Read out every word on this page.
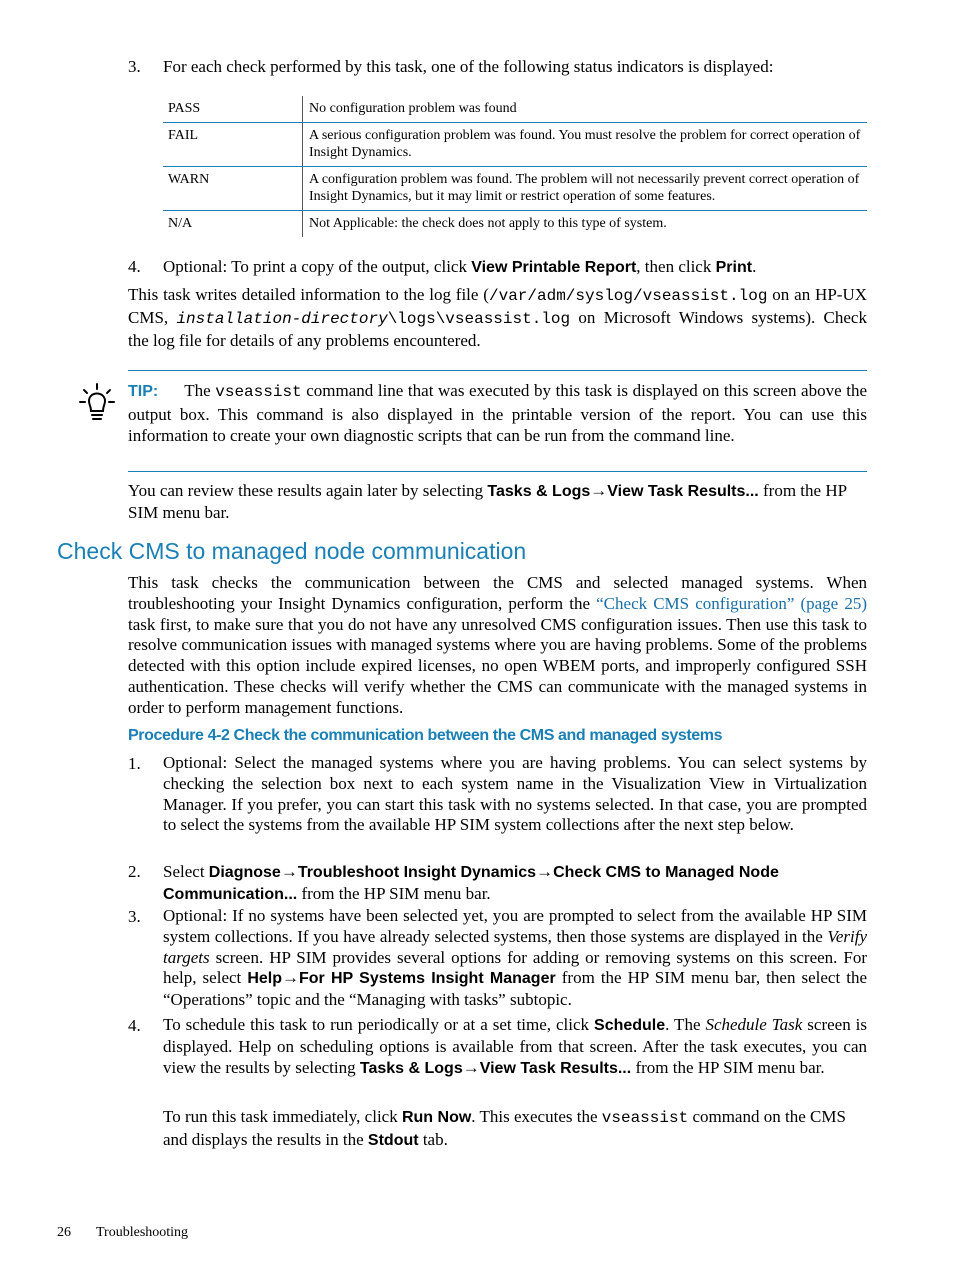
3.	For each check performed by this task, one of the following status indicators is displayed:
PASS	No configuration problem was found
FAIL	A serious configuration problem was found. You must resolve the problem for correct operation of Insight Dynamics.
WARN	A configuration problem was found. The problem will not necessarily prevent correct operation of Insight Dynamics, but it may limit or restrict operation of some features.
N/A	Not Applicable: the check does not apply to this type of system.
4.	Optional: To print a copy of the output, click View Printable Report, then click Print.
This task writes detailed information to the log file (/var/adm/syslog/vseassist.log on an HP-UX CMS, installation-directory\logs\vseassist.log on Microsoft Windows systems). Check the log file for details of any problems encountered.
TIP: The vseassist command line that was executed by this task is displayed on this screen above the output box. This command is also displayed in the printable version of the report. You can use this information to create your own diagnostic scripts that can be run from the command line.
You can review these results again later by selecting Tasks & Logs→View Task Results... from the HP SIM menu bar.
Check CMS to managed node communication
This task checks the communication between the CMS and selected managed systems. When troubleshooting your Insight Dynamics configuration, perform the “Check CMS configuration” (page 25) task first, to make sure that you do not have any unresolved CMS configuration issues. Then use this task to resolve communication issues with managed systems where you are having problems. Some of the problems detected with this option include expired licenses, no open WBEM ports, and improperly configured SSH authentication. These checks will verify whether the CMS can communicate with the managed systems in order to perform management functions.
Procedure 4-2 Check the communication between the CMS and managed systems
1.	Optional: Select the managed systems where you are having problems. You can select systems by checking the selection box next to each system name in the Visualization View in Virtualization Manager. If you prefer, you can start this task with no systems selected. In that case, you are prompted to select the systems from the available HP SIM system collections after the next step below.
2.	Select Diagnose→Troubleshoot Insight Dynamics→Check CMS to Managed Node Communication... from the HP SIM menu bar.
3.	Optional: If no systems have been selected yet, you are prompted to select from the available HP SIM system collections. If you have already selected systems, then those systems are displayed in the Verify targets screen. HP SIM provides several options for adding or removing systems on this screen. For help, select Help→For HP Systems Insight Manager from the HP SIM menu bar, then select the “Operations” topic and the “Managing with tasks” subtopic.
4.	To schedule this task to run periodically or at a set time, click Schedule. The Schedule Task screen is displayed. Help on scheduling options is available from that screen. After the task executes, you can view the results by selecting Tasks & Logs→View Task Results... from the HP SIM menu bar.
To run this task immediately, click Run Now. This executes the vseassist command on the CMS and displays the results in the Stdout tab.
26 Troubleshooting
